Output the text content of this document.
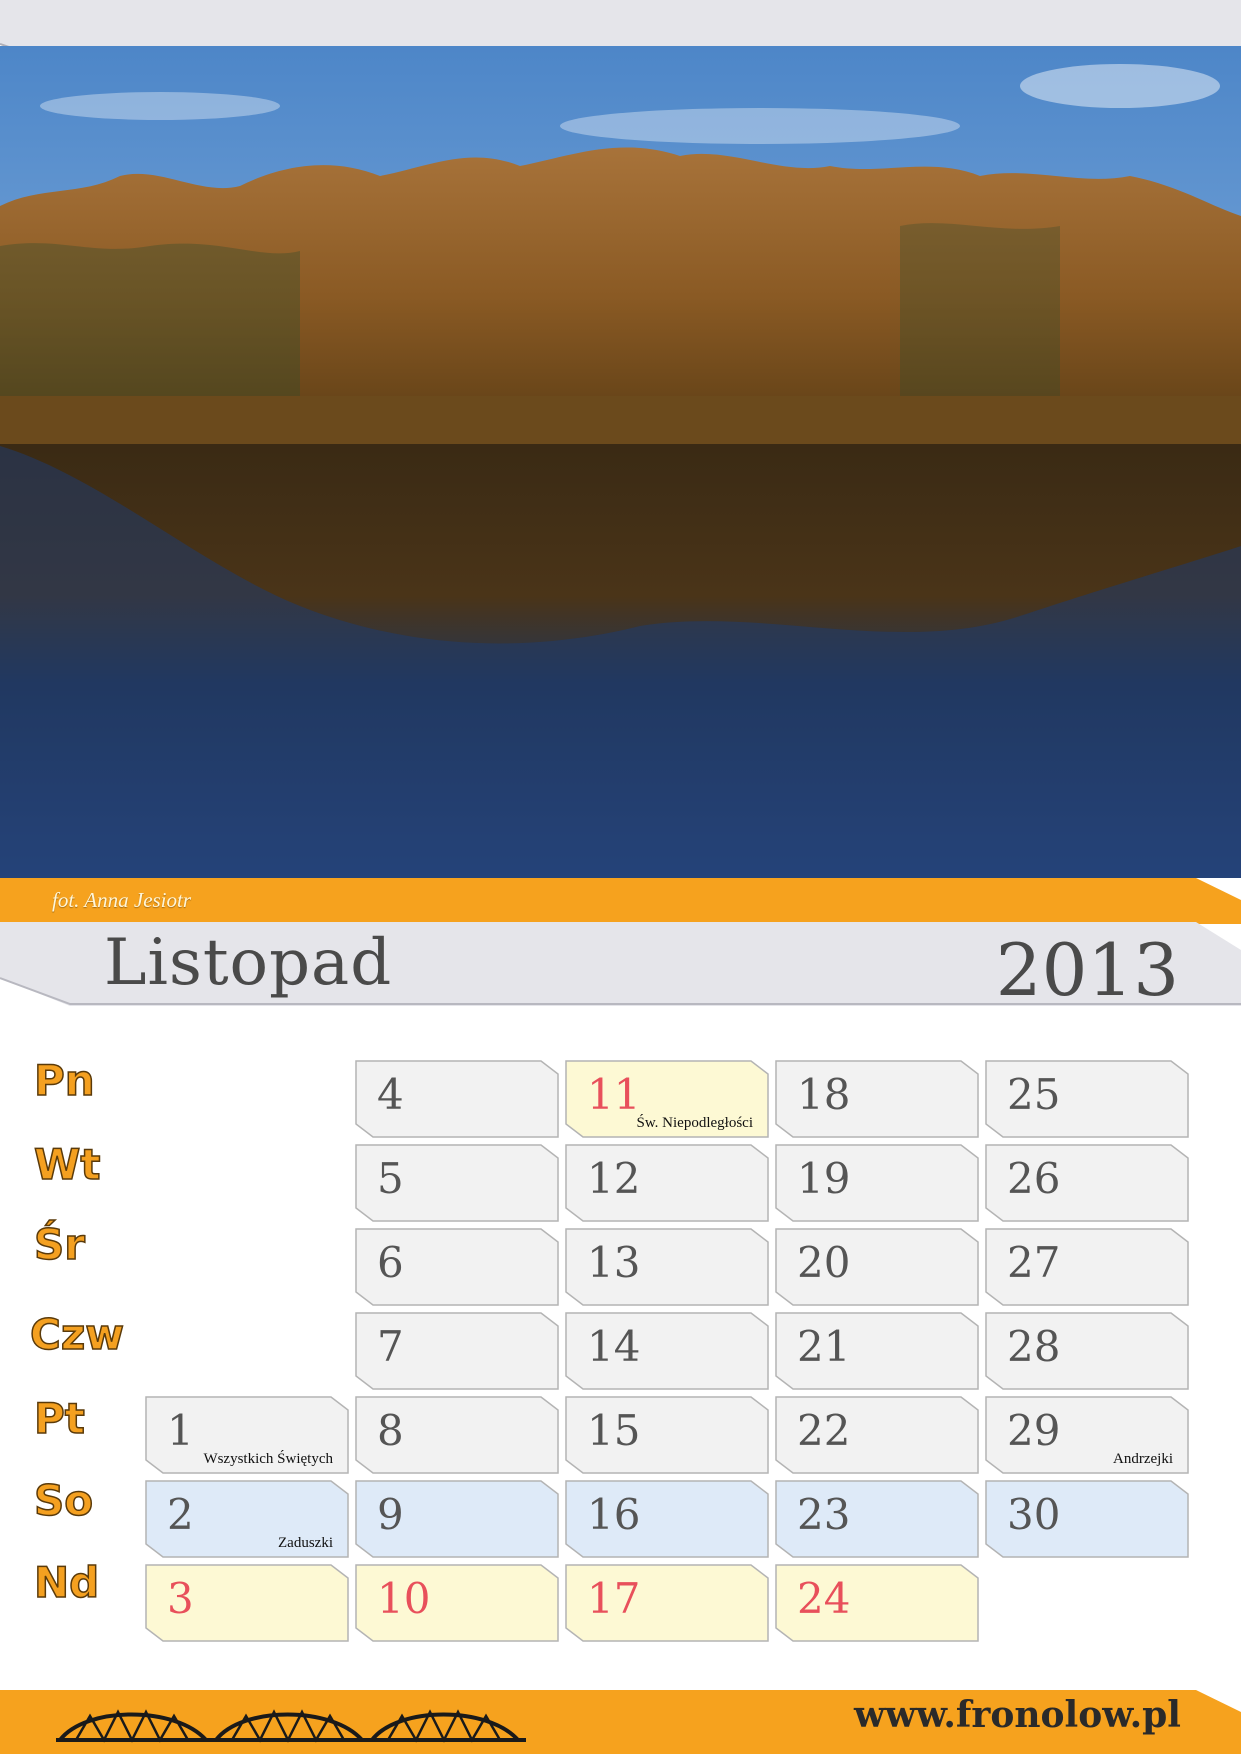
fot. Anna Jesiotr
Listopad	2013
Pn
Wt
Śr
Czw
Pt
So
Nd
1
Wszystkich Świętych
2
Zaduszki
3
4
5
6
7
8
9
10
11
Św. Niepodległości
12
13
14
15
16
17
18
19
20
21
22
23
24
25
26
27
28
29
Andrzejki
30
www.fronolow.pl
